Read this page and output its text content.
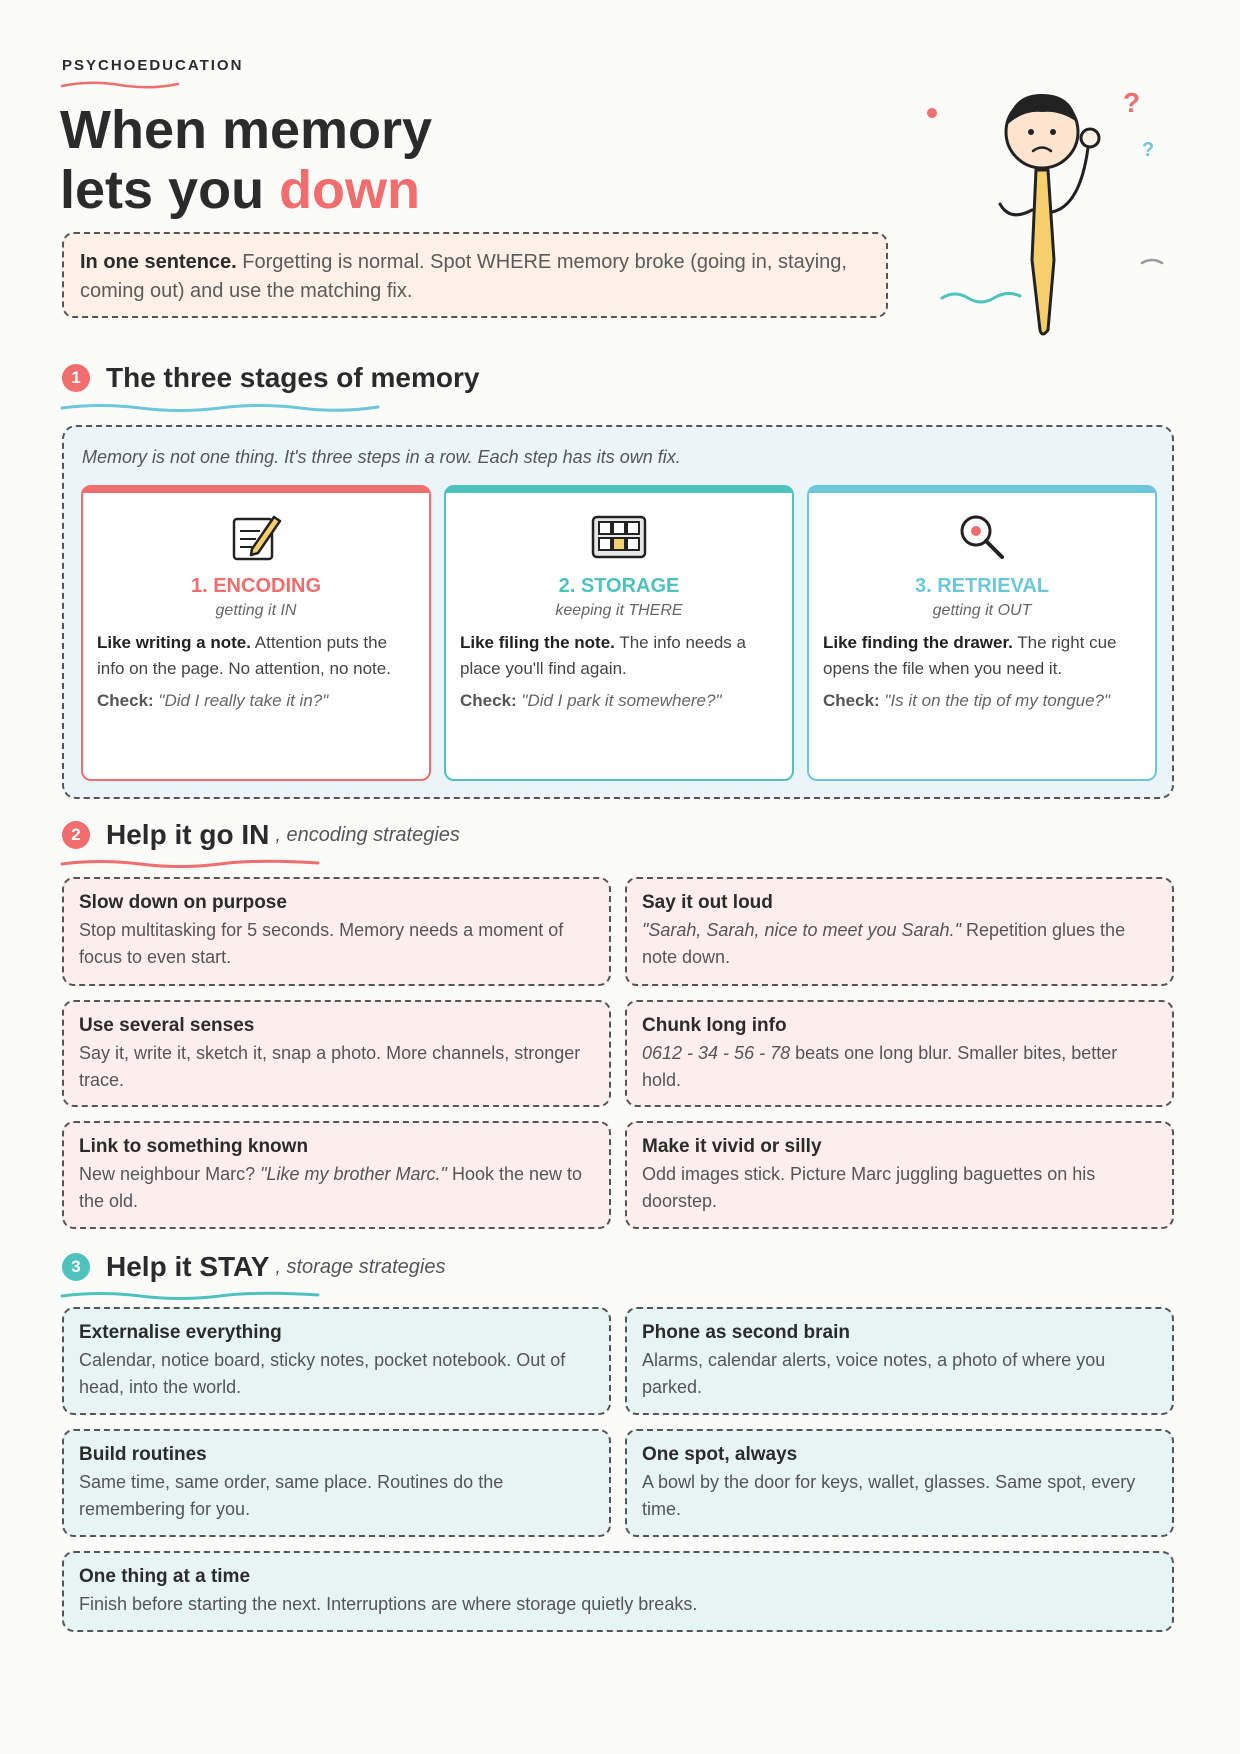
PSYCHOEDUCATION
When memory
lets you down
In one sentence. Forgetting is normal. Spot WHERE memory broke (going in, staying, coming out) and use the matching fix.
?
?
1 The three stages of memory
Memory is not one thing. It's three steps in a row. Each step has its own fix.
1. ENCODING
getting it IN
Like writing a note. Attention puts the info on the page. No attention, no note.
Check: "Did I really take it in?"
2. STORAGE
keeping it THERE
Like filing the note. The info needs a place you'll find again.
Check: "Did I park it somewhere?"
3. RETRIEVAL
getting it OUT
Like finding the drawer. The right cue opens the file when you need it.
Check: "Is it on the tip of my tongue?"
2 Help it go IN , encoding strategies
Slow down on purpose
Stop multitasking for 5 seconds. Memory needs a moment of focus to even start.
Say it out loud
"Sarah, Sarah, nice to meet you Sarah." Repetition glues the note down.
Use several senses
Say it, write it, sketch it, snap a photo. More channels, stronger trace.
Chunk long info
0612 - 34 - 56 - 78 beats one long blur. Smaller bites, better hold.
Link to something known
New neighbour Marc? "Like my brother Marc." Hook the new to the old.
Make it vivid or silly
Odd images stick. Picture Marc juggling baguettes on his doorstep.
3 Help it STAY , storage strategies
Externalise everything
Calendar, notice board, sticky notes, pocket notebook. Out of head, into the world.
Phone as second brain
Alarms, calendar alerts, voice notes, a photo of where you parked.
Build routines
Same time, same order, same place. Routines do the remembering for you.
One spot, always
A bowl by the door for keys, wallet, glasses. Same spot, every time.
One thing at a time
Finish before starting the next. Interruptions are where storage quietly breaks.
